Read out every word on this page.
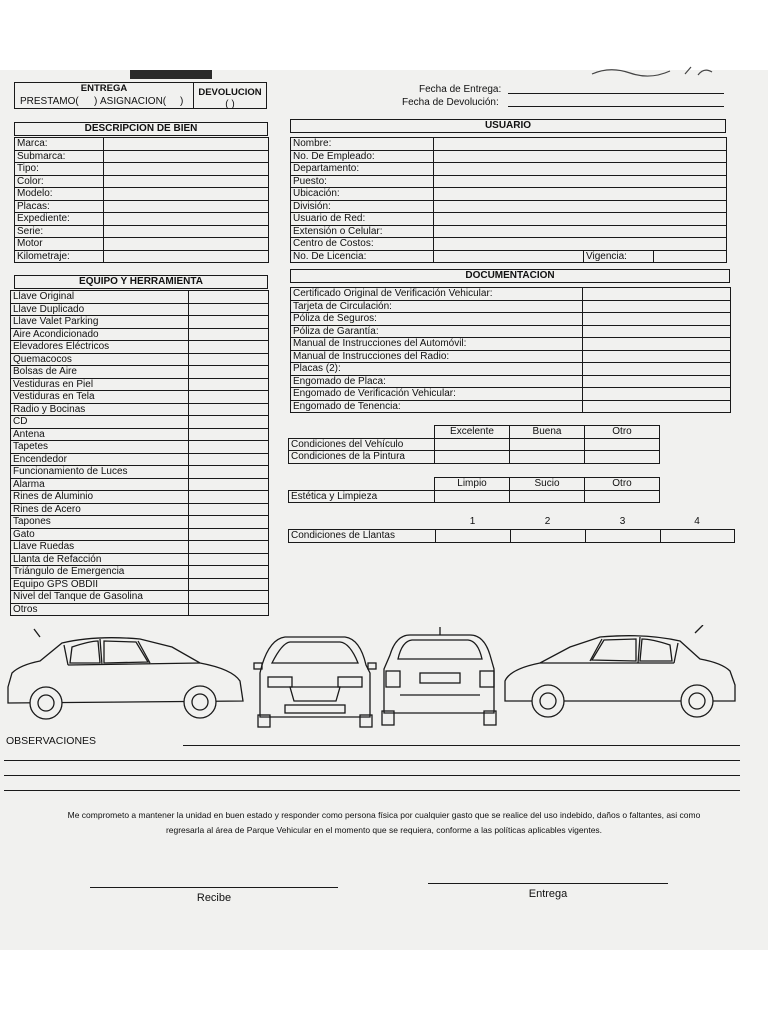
ENTREGA
PRESTAMO( ) ASIGNACION( )
DEVOLUCION
( )
Fecha de Entrega:
Fecha de Devolución:
DESCRIPCION DE BIEN
Marca:	
Submarca:	
Tipo:	
Color:	
Modelo:	
Placas:	
Expediente:	
Serie:	
Motor	
Kilometraje:	
USUARIO
Nombre:			
No. De Empleado:			
Departamento:			
Puesto:			
Ubicación:			
División:			
Usuario de Red:			
Extensión o Celular:			
Centro de Costos:			
No. De Licencia:		Vigencia:	
EQUIPO Y HERRAMIENTA
Llave Original	
Llave Duplicado	
Llave Valet Parking	
Aire Acondicionado	
Elevadores Eléctricos	
Quemacocos	
Bolsas de Aire	
Vestiduras en Piel	
Vestiduras en Tela	
Radio y Bocinas	
CD	
Antena	
Tapetes	
Encendedor	
Funcionamiento de Luces	
Alarma	
Rines de Aluminio	
Rines de Acero	
Tapones	
Gato	
Llave Ruedas	
Llanta de Refacción	
Triángulo de Emergencia	
Equipo GPS OBDII	
Nivel del Tanque de Gasolina	
Otros	
DOCUMENTACION
Certificado Original de Verificación Vehicular:	
Tarjeta de Circulación:	
Póliza de Seguros:	
Póliza de Garantía:	
Manual de Instrucciones del Automóvil:	
Manual de Instrucciones del Radio:	
Placas (2):	
Engomado de Placa:	
Engomado de Verificación Vehicular:	
Engomado de Tenencia:	
	Excelente	Buena	Otro
Condiciones del Vehículo			
Condiciones de la Pintura			
	Limpio	Sucio	Otro
Estética y Limpieza			
1	2	3	4
Condiciones de Llantas				
OBSERVACIONES
Me comprometo a mantener la unidad en buen estado y responder como persona física por cualquier gasto que se realice del uso indebido, daños o faltantes, asi como
regresarla al área de Parque Vehicular en el momento que se requiera, conforme a las políticas aplicables vigentes.
Recibe	Entrega
